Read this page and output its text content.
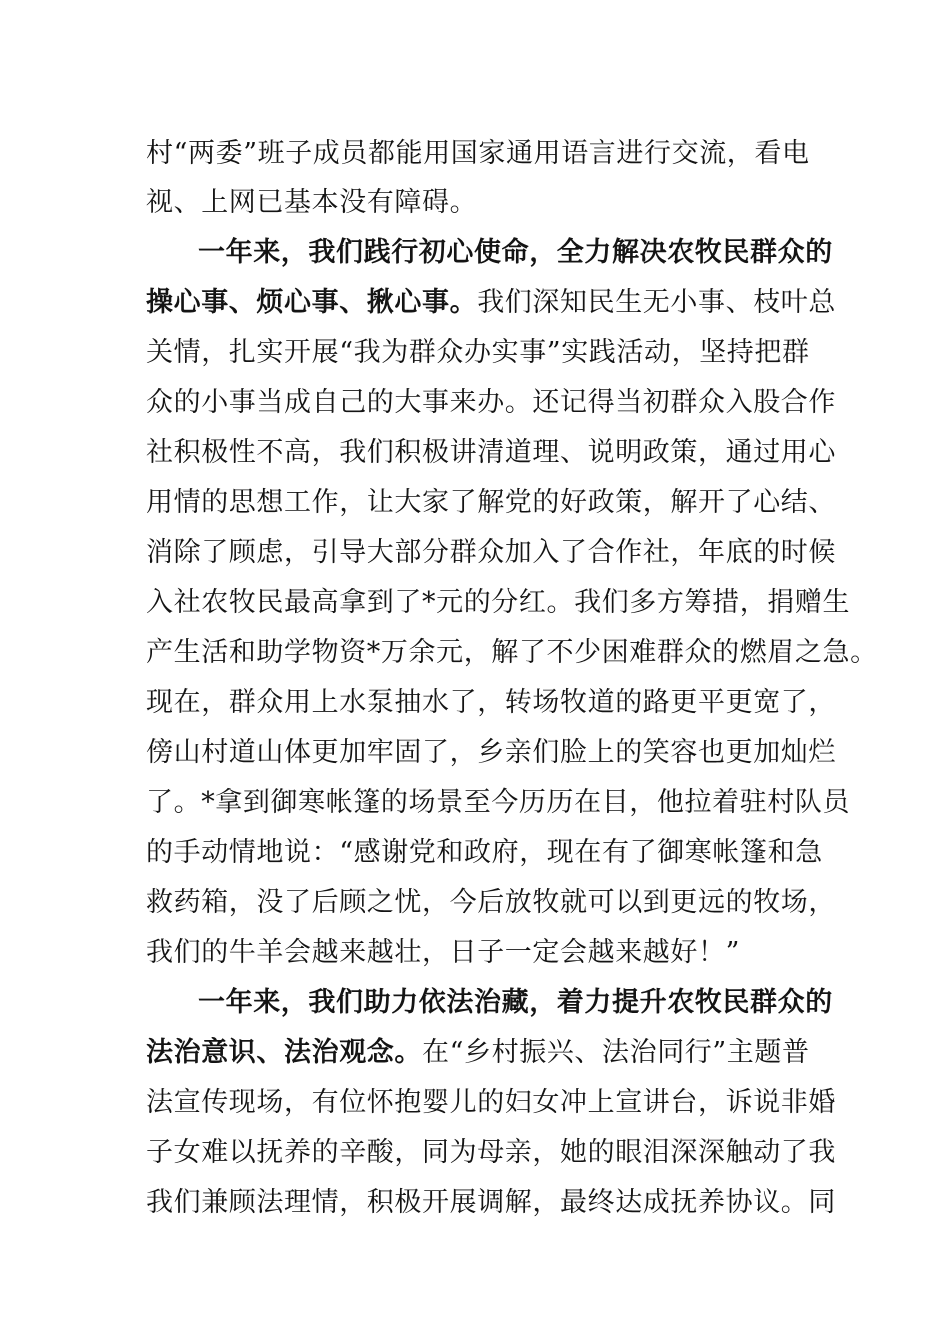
村“两委”班子成员都能用国家通用语言进行交流，看电
视、上网已基本没有障碍。
一年来，我们践行初心使命，全力解决农牧民群众的
操心事、烦心事、揪心事。我们深知民生无小事、枝叶总
关情，扎实开展“我为群众办实事”实践活动，坚持把群
众的小事当成自己的大事来办。还记得当初群众入股合作
社积极性不高，我们积极讲清道理、说明政策，通过用心
用情的思想工作，让大家了解党的好政策，解开了心结、
消除了顾虑，引导大部分群众加入了合作社，年底的时候
入社农牧民最高拿到了*元的分红。我们多方筹措，捐赠生
产生活和助学物资*万余元，解了不少困难群众的燃眉之急。
现在，群众用上水泵抽水了，转场牧道的路更平更宽了，
傍山村道山体更加牢固了，乡亲们脸上的笑容也更加灿烂
了。*拿到御寒帐篷的场景至今历历在目，他拉着驻村队员
的手动情地说：“感谢党和政府，现在有了御寒帐篷和急
救药箱，没了后顾之忧，今后放牧就可以到更远的牧场，
我们的牛羊会越来越壮，日子一定会越来越好！”
一年来，我们助力依法治藏，着力提升农牧民群众的
法治意识、法治观念。在“乡村振兴、法治同行”主题普
法宣传现场，有位怀抱婴儿的妇女冲上宣讲台，诉说非婚
子女难以抚养的辛酸，同为母亲，她的眼泪深深触动了我
我们兼顾法理情，积极开展调解，最终达成抚养协议。同
